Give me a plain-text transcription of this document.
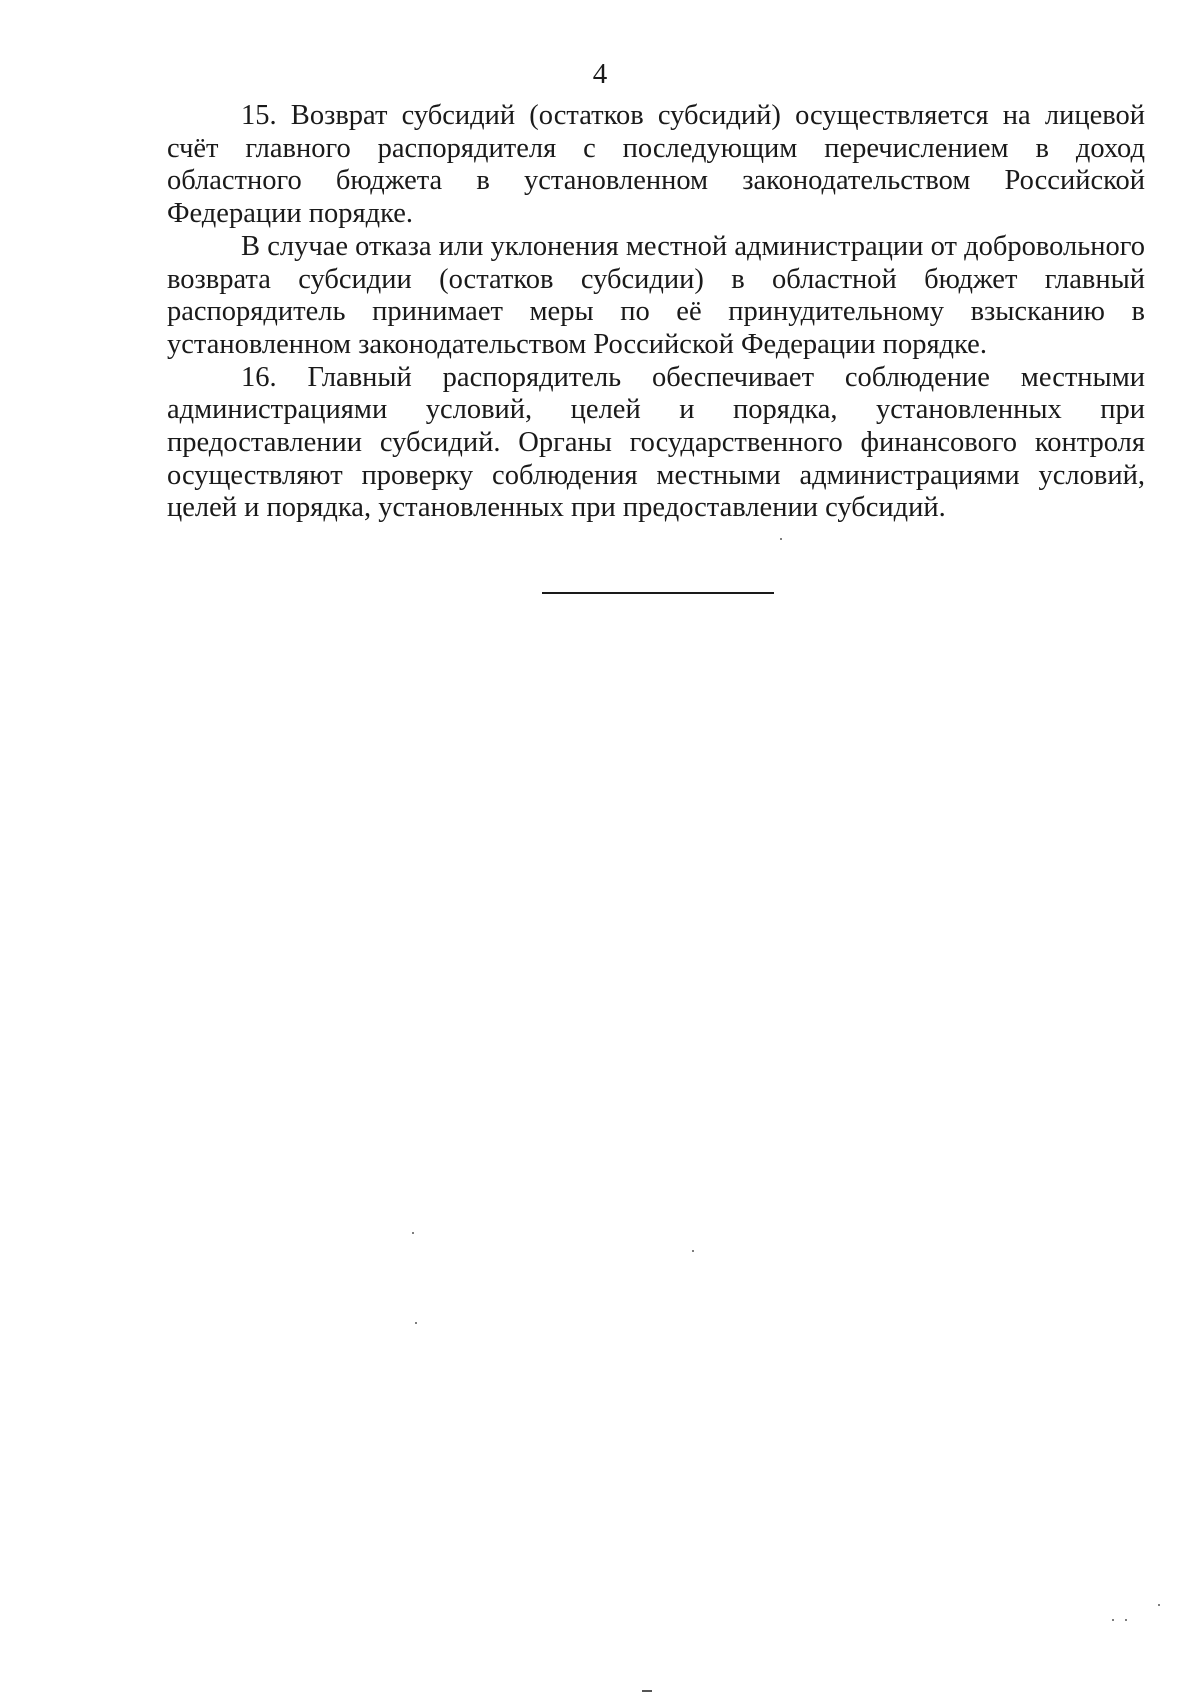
4

15. Возврат субсидий (остатков субсидий) осуществляется на лицевой счёт главного распорядителя с последующим перечислением в доход областного бюджета в установленном законодательством Российской Федерации порядке.

В случае отказа или уклонения местной администрации от добровольного возврата субсидии (остатков субсидии) в областной бюджет главный распорядитель принимает меры по её принудительному взысканию в установленном законодательством Российской Федерации порядке.

16. Главный распорядитель обеспечивает соблюдение местными администрациями условий, целей и порядка, установленных при предоставлении субсидий. Органы государственного финансового контроля осуществляют проверку соблюдения местными администрациями условий, целей и порядка, установленных при предоставлении субсидий.
